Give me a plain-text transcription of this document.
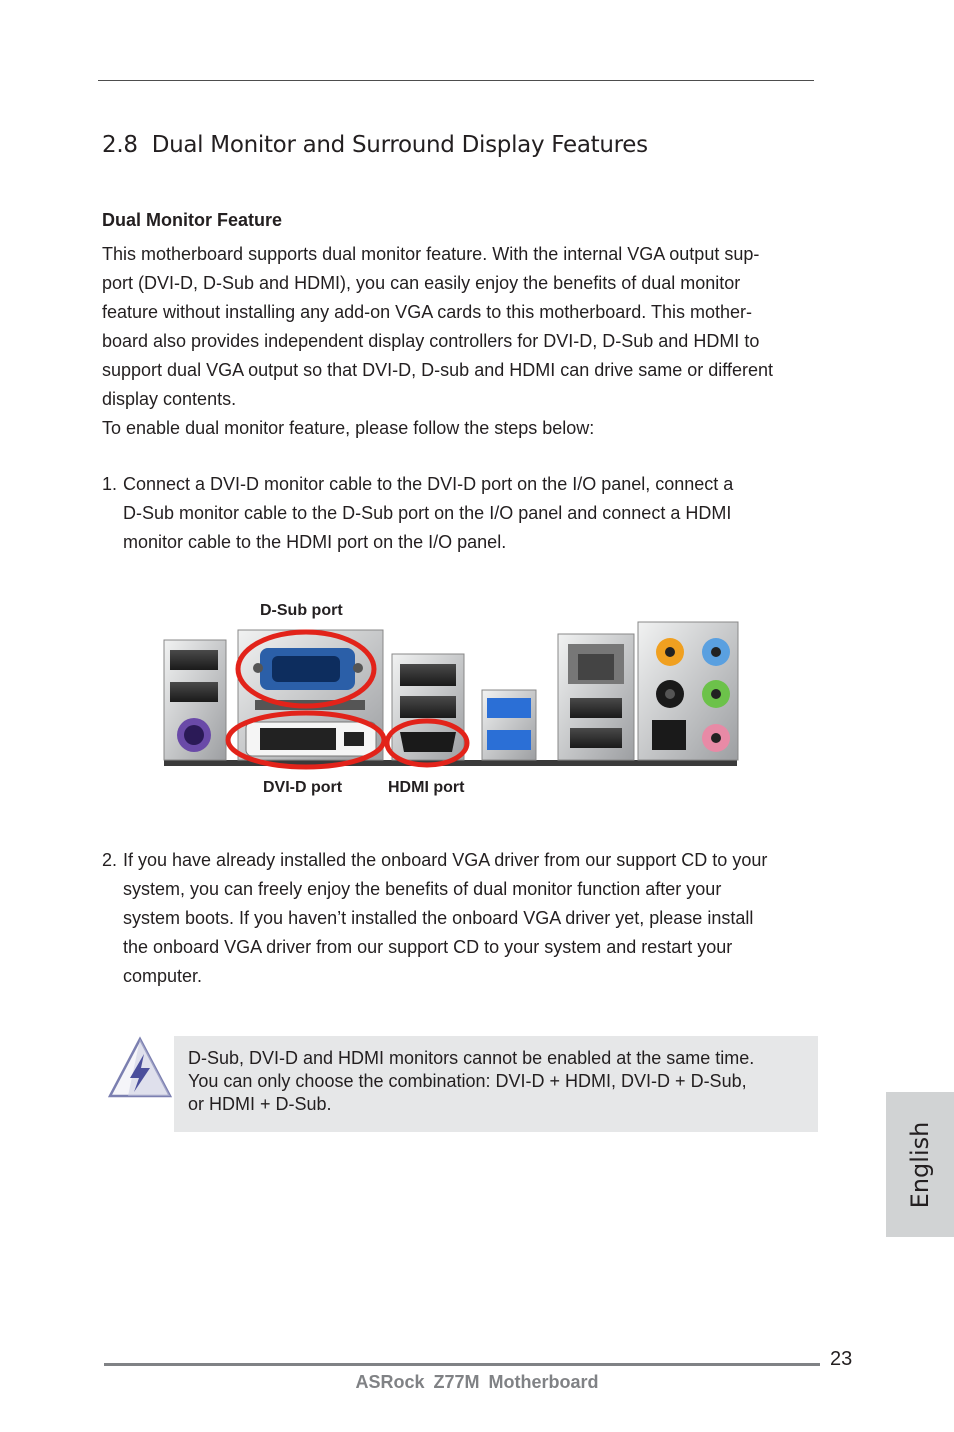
2.8 Dual Monitor and Surround Display Features
Dual Monitor Feature

This motherboard supports dual monitor feature. With the internal VGA output sup-

port (DVI-D, D-Sub and HDMI), you can easily enjoy the benefits of dual monitor

feature without installing any add-on VGA cards to this motherboard. This mother-

board also provides independent display controllers for DVI-D, D-Sub and HDMI to

support dual VGA output so that DVI-D, D-sub and HDMI can drive same or different

display contents.

To enable dual monitor feature, please follow the steps below:

1. Connect a DVI-D monitor cable to the DVI-D port on the I/O panel, connect a
D-Sub monitor cable to the D-Sub port on the I/O panel and connect a HDMI
monitor cable to the HDMI port on the I/O panel.
D-Sub port
DVI-D port	HDMI port
2. If you have already installed the onboard VGA driver from our support CD to your
system, you can freely enjoy the benefits of dual monitor function after your
system boots. If you haven’t installed the onboard VGA driver yet, please install
the onboard VGA driver from our support CD to your system and restart your
computer.
D-Sub, DVI-D and HDMI monitors cannot be enabled at the same time.
You can only choose the combination: DVI-D + HDMI, DVI-D + D-Sub,
or HDMI + D-Sub.
English
23
ASRock Z77M Motherboard
